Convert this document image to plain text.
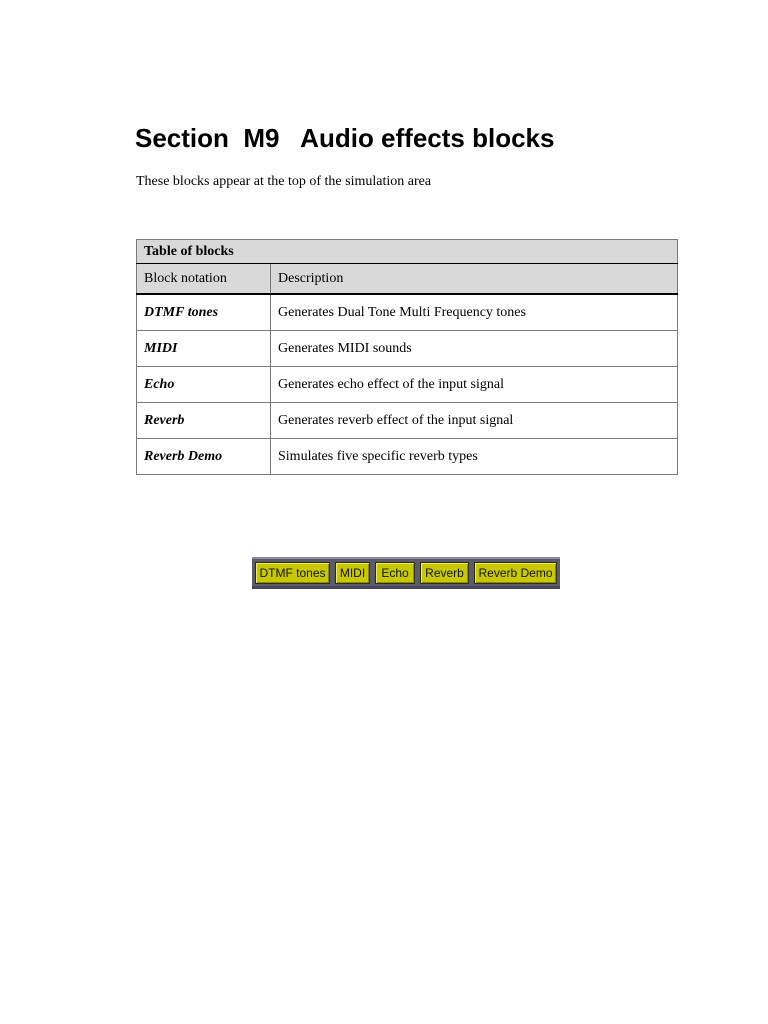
Section  M9   Audio effects blocks

These blocks appear at the top of the simulation area

Table of blocks	
Block notation	Description
DTMF tones	Generates Dual Tone Multi Frequency tones
MIDI	Generates MIDI sounds
Echo	Generates echo effect of the input signal
Reverb	Generates reverb effect of the input signal
Reverb Demo	Simulates five specific reverb types
DTMF tones	MIDI	Echo	Reverb	Reverb Demo
